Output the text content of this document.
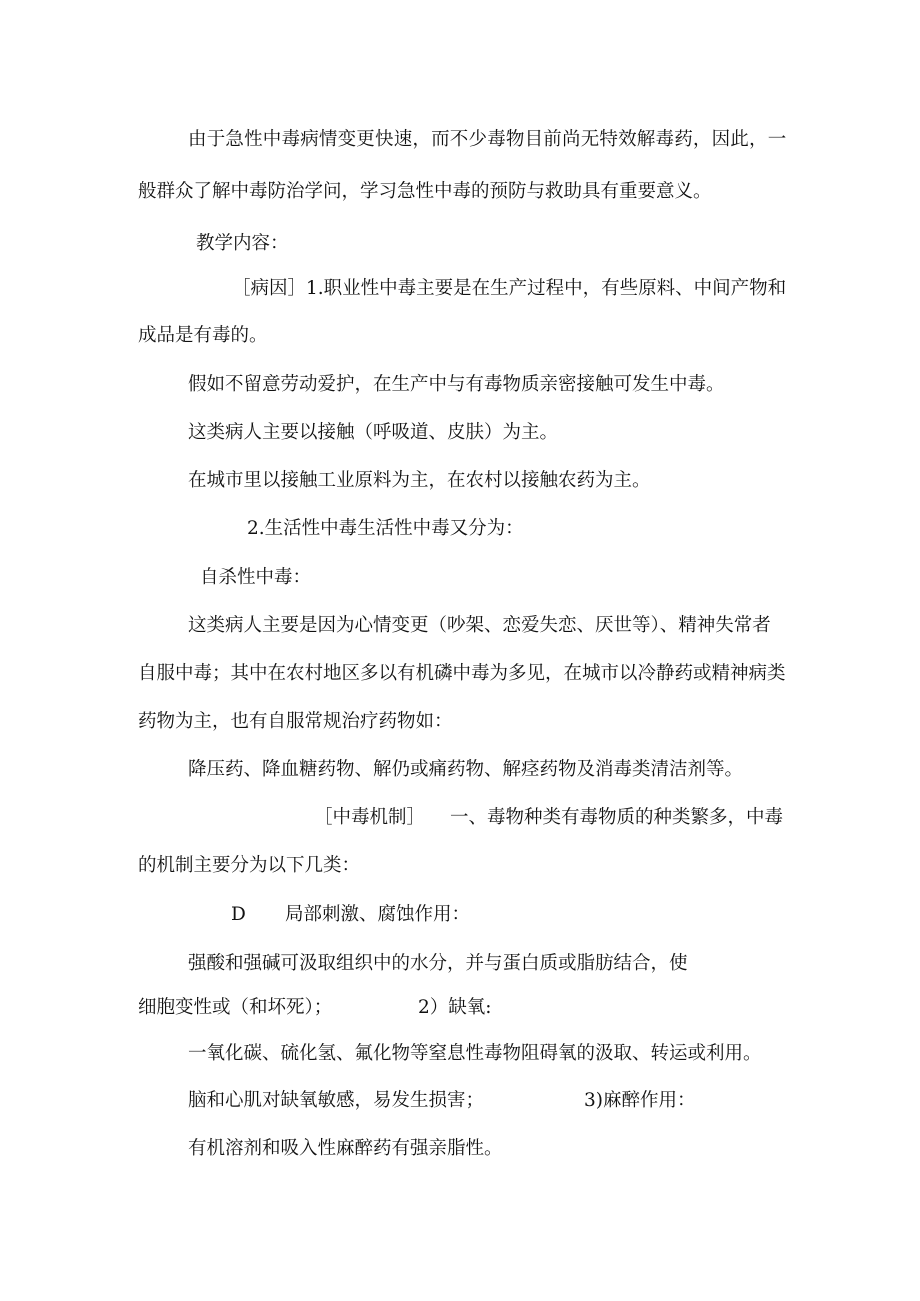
由于急性中毒病情变更快速，而不少毒物目前尚无特效解毒药，因此，一
般群众了解中毒防治学问，学习急性中毒的预防与救助具有重要意义。
教学内容：
［病因］1.职业性中毒主要是在生产过程中，有些原料、中间产物和
成品是有毒的。
假如不留意劳动爱护，在生产中与有毒物质亲密接触可发生中毒。
这类病人主要以接触（呼吸道、皮肤）为主。
在城市里以接触工业原料为主，在农村以接触农药为主。
2.生活性中毒生活性中毒又分为：
自杀性中毒：
这类病人主要是因为心情变更（吵架、恋爱失恋、厌世等）、精神失常者
自服中毒；其中在农村地区多以有机磷中毒为多见，在城市以冷静药或精神病类
药物为主，也有自服常规治疗药物如：
降压药、降血糖药物、解仍或痛药物、解痉药物及消毒类清洁剂等。
［中毒机制］ 一、毒物种类有毒物质的种类繁多，中毒
的机制主要分为以下几类：
D 局部刺激、腐蚀作用：
强酸和强碱可汲取组织中的水分，并与蛋白质或脂肪结合，使
细胞变性或（和坏死）；	2）缺氧:
一氧化碳、硫化氢、氟化物等窒息性毒物阻碍氧的汲取、转运或利用。
脑和心肌对缺氧敏感，易发生损害；	3)麻醉作用：
有机溶剂和吸入性麻醉药有强亲脂性。
